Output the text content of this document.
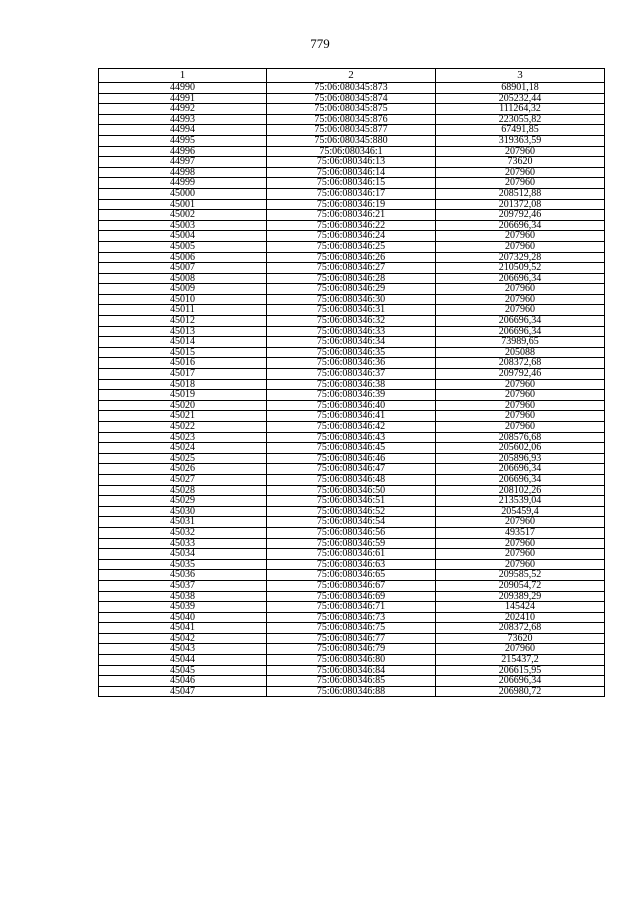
779
1	2	3
44990	75:06:080345:873	68901,18
44991	75:06:080345:874	205232,44
44992	75:06:080345:875	111264,32
44993	75:06:080345:876	223055,82
44994	75:06:080345:877	67491,85
44995	75:06:080345:880	319363,59
44996	75:06:080346:1	207960
44997	75:06:080346:13	73620
44998	75:06:080346:14	207960
44999	75:06:080346:15	207960
45000	75:06:080346:17	208512,88
45001	75:06:080346:19	201372,08
45002	75:06:080346:21	209792,46
45003	75:06:080346:22	206696,34
45004	75:06:080346:24	207960
45005	75:06:080346:25	207960
45006	75:06:080346:26	207329,28
45007	75:06:080346:27	210509,52
45008	75:06:080346:28	206696,34
45009	75:06:080346:29	207960
45010	75:06:080346:30	207960
45011	75:06:080346:31	207960
45012	75:06:080346:32	206696,34
45013	75:06:080346:33	206696,34
45014	75:06:080346:34	73989,65
45015	75:06:080346:35	205088
45016	75:06:080346:36	208372,68
45017	75:06:080346:37	209792,46
45018	75:06:080346:38	207960
45019	75:06:080346:39	207960
45020	75:06:080346:40	207960
45021	75:06:080346:41	207960
45022	75:06:080346:42	207960
45023	75:06:080346:43	208576,68
45024	75:06:080346:45	205602,06
45025	75:06:080346:46	205896,93
45026	75:06:080346:47	206696,34
45027	75:06:080346:48	206696,34
45028	75:06:080346:50	208102,26
45029	75:06:080346:51	213539,04
45030	75:06:080346:52	205459,4
45031	75:06:080346:54	207960
45032	75:06:080346:56	493517
45033	75:06:080346:59	207960
45034	75:06:080346:61	207960
45035	75:06:080346:63	207960
45036	75:06:080346:65	209585,52
45037	75:06:080346:67	209054,72
45038	75:06:080346:69	209389,29
45039	75:06:080346:71	145424
45040	75:06:080346:73	202410
45041	75:06:080346:75	208372,68
45042	75:06:080346:77	73620
45043	75:06:080346:79	207960
45044	75:06:080346:80	215437,2
45045	75:06:080346:84	206615,95
45046	75:06:080346:85	206696,34
45047	75:06:080346:88	206980,72
